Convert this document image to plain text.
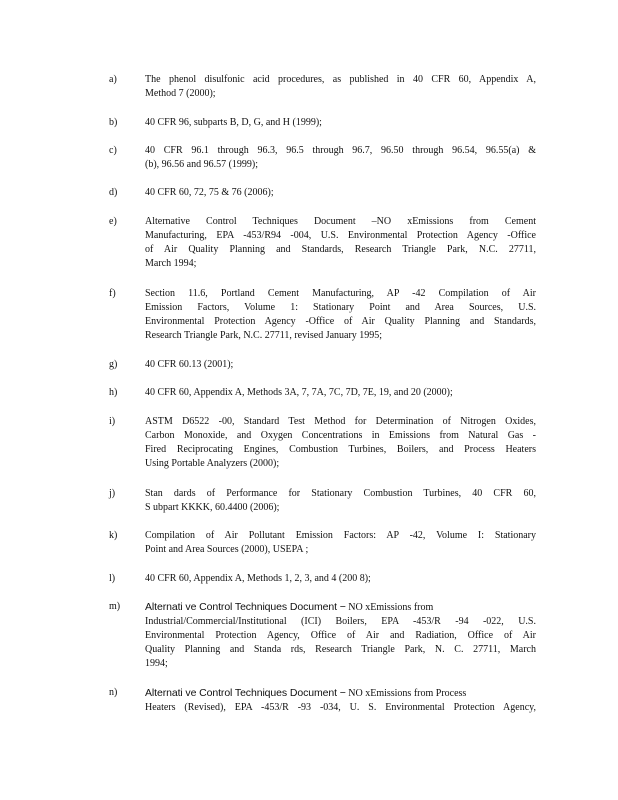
a)	The phenol disulfonic acid procedures, as published in 40 CFR 60, Appendix A,
Method 7 (2000);
b)	40 CFR 96, subparts B, D, G, and H (1999);
c)	40 CFR 96.1 through 96.3, 96.5 through 96.7, 96.50 through 96.54, 96.55(a) &
(b), 96.56 and 96.57 (1999);
d)	40 CFR 60, 72, 75 & 76 (2006);
e)	Alternative Control Techniques Document –NO xEmissions from Cement
Manufacturing, EPA -453/R94 -004, U.S. Environmental Protection Agency -Office
of Air Quality Planning and Standards, Research Triangle Park, N.C. 27711,
March 1994;
f)	Section 11.6, Portland Cement Manufacturing, AP -42 Compilation of Air
Emission Factors, Volume 1: Stationary Point and Area Sources, U.S.
Environmental Protection Agency -Office of Air Quality Planning and Standards,
Research Triangle Park, N.C. 27711, revised January 1995;
g)	40 CFR 60.13 (2001);
h)	40 CFR 60, Appendix A, Methods 3A, 7, 7A, 7C, 7D, 7E, 19, and 20 (2000);
i)	ASTM D6522 -00, Standard Test Method for Determination of Nitrogen Oxides,
Carbon Monoxide, and Oxygen Concentrations in Emissions from Natural Gas -
Fired Reciprocating Engines, Combustion Turbines, Boilers, and Process Heaters
Using Portable Analyzers (2000);
j)	Stan dards of Performance for Stationary Combustion Turbines, 40 CFR 60,
S ubpart KKKK, 60.4400 (2006);
k)	Compilation of Air Pollutant Emission Factors: AP -42, Volume I: Stationary
Point and Area Sources (2000), USEPA ;
l)	40 CFR 60, Appendix A, Methods 1, 2, 3, and 4 (200 8);
m) Alternati ve Control Techniques Document − NO xEmissions from
Industrial/Commercial/Institutional (ICI) Boilers, EPA -453/R -94 -022, U.S.
Environmental Protection Agency, Office of Air and Radiation, Office of Air
Quality Planning and Standa rds, Research Triangle Park, N. C. 27711, March
1994;
n)	Alternati ve Control Techniques Document − NO xEmissions from Process
Heaters (Revised), EPA -453/R -93 -034, U. S. Environmental Protection Agency,
